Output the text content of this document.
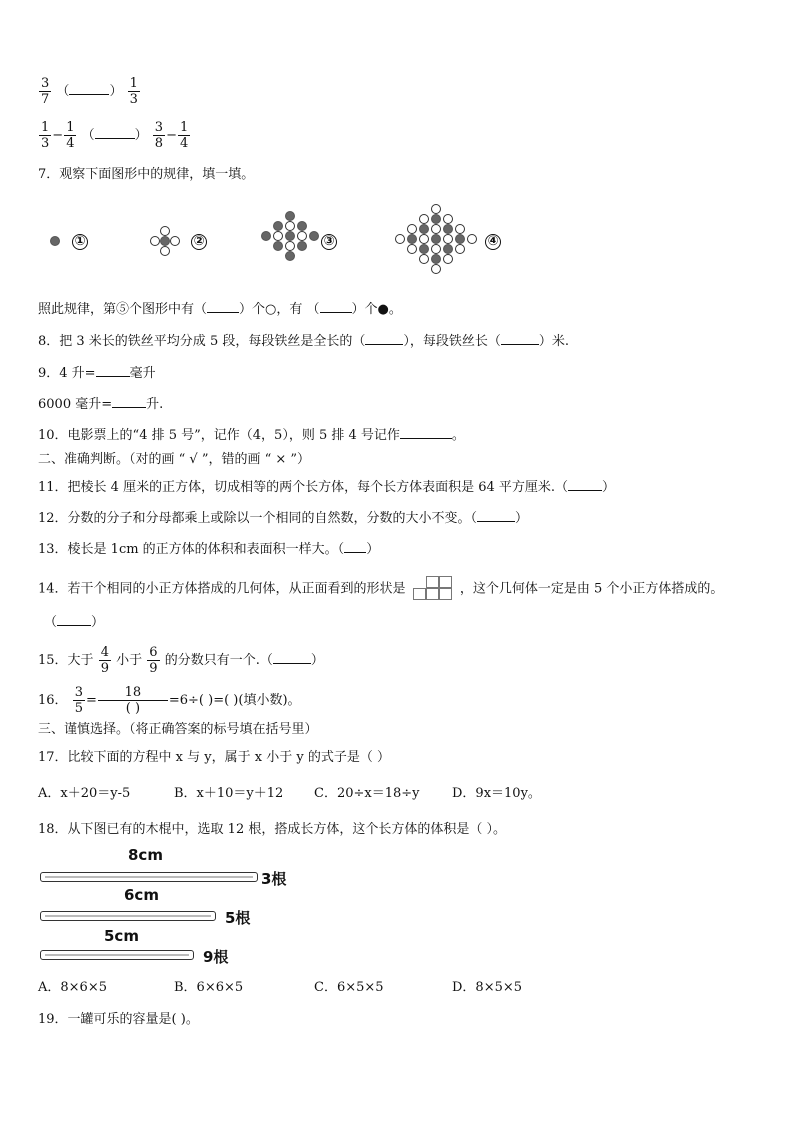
$\frac{3}{7}$ （	） $\frac{1}{3}$
$\frac{1}{3} - \frac{1}{4}$ （	） $\frac{3}{8} - \frac{1}{4}$
7．观察下面图形中的规律，填一填。
①	②	③	④
照此规律，第⑤个图形中有（ ）个○，有 （ ）个●。
8．把 3 米长的铁丝平均分成 5 段，每段铁丝是全长的（	），每段铁丝长（	）米.
9．4 升=	毫升
6000 毫升=	升.
10．电影票上的“4 排 5 号”，记作（4，5），则 5 排 4 号记作	。
二、准确判断。（对的画 “ √ ”，错的画 “ × ”）
11．把棱长 4 厘米的正方体，切成相等的两个长方体，每个长方体表面积是 64 平方厘米.（	）
12．分数的分子和分母都乘上或除以一个相同的自然数，分数的大小不变。（	）
13．棱长是 1cm 的正方体的体积和表面积一样大。（ ）
14．若干个相同的小正方体搭成的几何体，从正面看到的形状是	，这个几何体一定是由 5 个小正方体搭成的。
（	）
15．大于 $\frac{4}{9}$ 小于 $\frac{6}{9}$ 的分数只有一个.（	）
16． $\frac{3}{5} = \frac{18}{( )} =6\div$( )=( )(填小数)。
三、谨慎选择。（将正确答案的标号填在括号里）
17．比较下面的方程中 x 与 y，属于 x 小于 y 的式子是（ ）
A．x＋20＝y-5	B．x＋10＝y＋12 C．20÷x＝18÷y	D．9x＝10y。
18．从下图已有的木棍中，选取 12 根，搭成长方体，这个长方体的体积是（ ）。
8cm
3根
6cm
5根
5cm
9根
A．8×6×5	B．6×6×5	C．6×5×5	D．8×5×5
19．一罐可乐的容量是( )。
